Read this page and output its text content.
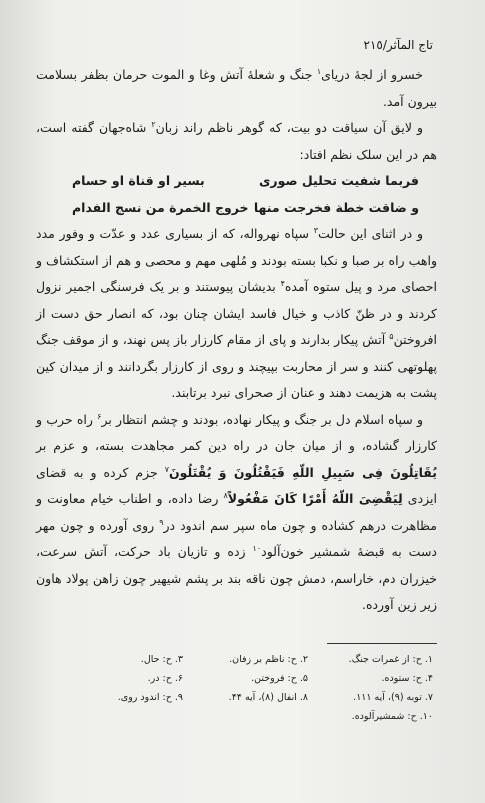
تاج المآثر/٢١٥

خسرو از لجهٔ دریای$^۱$ جنگ و شعلهٔ آتش وغا و الموت حرمان بظفر بسلامت بیرون آمد.

و لایق آن سیاقت دو بیت، که گوهر ناظم راند زبان$^۲$ شاه‌جهان گفته است، هم در این سلک نظم افتاد:

فربما شفیت تحلیل صوری
بسیر او قناة او حسام
و ضاقت خطة فخرجت منها
خروج الخمرة من نسج الفدام

و در اثنای این حالت$^۳$ سپاه نهرواله، که از بسیاری عدد و عدّت و وفور مدد واهب راه بر صبا و نکبا بسته بودند و مُلهی مهم و محصی و هم از استکشاف و احصای مرد و پیل ستوه آمده$^۴$ بدیشان پیوستند و بر یک فرسنگی اجمیر نزول کردند و در ظنّ کاذب و خیال فاسد ایشان چنان بود، که انصار حق دست از افروختن$^۵$ آتش پیکار بدارند و پای از مقام کارزار باز پس نهند، و از موقف جنگ پهلوتهی کنند و سر از محاربت بپیچند و روی از کارزار بگردانند و از میدان کین پشت به هزیمت دهند و عنان از صحرای نبرد برتابند.

و سپاه اسلام دل بر جنگ و پیکار نهاده، بودند و چشم انتظار بر$^۶$ راه حرب و کارزار گشاده، و از میان جان در راه دین کمر مجاهدت بسته، و عزم بر یُقَاتِلُونَ فِی سَبِیلِ اللّهِ فَیَقْتُلُونَ وَ یُقْتَلُونَ$^۷$ جزم کرده و به قضای ایزدی لِیَقْضِیَ اللّهُ أَمْرًا کَانَ مَفْعُولاً$^۸$ رضا داده، و اطناب خیام معاونت و مظاهرت درهم کشاده و چون ماه سپر سم اندود در$^۹$ روی آورده و چون مهر دست به قبضهٔ شمشیر خون‌آلود$^{۱۰}$ زده و تازیان باد حرکت، آتش سرعت، خیزران دم، خاراسم، دمش چون ناقه بند بر پشم شیهیر چون زاهن پولاد هاون زیر زین آورده.

۱. ح: از غمرات جنگ.
۲. ح: ناظم بر زفان.
۳. ح: حال.
۴. ح: ستوده.
۵. ح: فروختن.
۶. ح: در.
۷. توبه (۹)، آیه ۱۱۱.
۸. انفال (۸)، آیه ۴۴.
۹. ح: اندود روی.
۱۰. ح: شمشیرآلوده.
